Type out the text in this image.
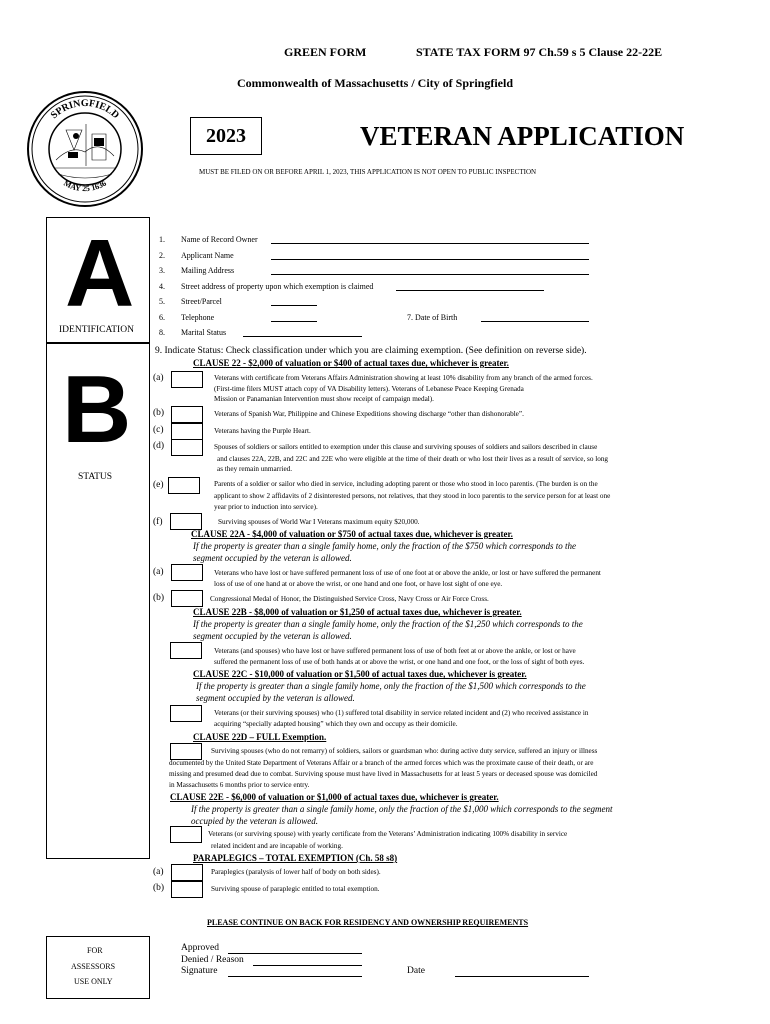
GREEN FORM	STATE TAX FORM 97 Ch.59 s 5 Clause 22-22E
Commonwealth of Massachusetts / City of Springfield
SPRINGFIELD
MAY 25 1636
2023	VETERAN APPLICATION
MUST BE FILED ON OR BEFORE APRIL 1, 2023, THIS APPLICATION IS NOT OPEN TO PUBLIC INSPECTION
A
IDENTIFICATION
1. Name of Record Owner
2. Applicant Name
3. Mailing Address
4. Street address of property upon which exemption is claimed
5. Street/Parcel
6. Telephone	7. Date of Birth
8. Marital Status
B
STATUS
9. Indicate Status: Check classification under which you are claiming exemption. (See definition on reverse side).
CLAUSE 22 - $2,000 of valuation or $400 of actual taxes due, whichever is greater.
(a)	Veterans with certificate from Veterans Affairs Administration showing at least 10% disability from any branch of the armed forces.
(First-time filers MUST attach copy of VA Disability letters). Veterans of Lebanese Peace Keeping Grenada
Mission or Panamanian Intervention must show receipt of campaign medal).
(b)	Veterans of Spanish War, Philippine and Chinese Expeditions showing discharge “other than dishonorable”.
(c)	Veterans having the Purple Heart.
(d)	Spouses of soldiers or sailors entitled to exemption under this clause and surviving spouses of soldiers and sailors described in clause
and clauses 22A, 22B, and 22C and 22E who were eligible at the time of their death or who lost their lives as a result of service, so long
as they remain unmarried.
(e)	Parents of a soldier or sailor who died in service, including adopting parent or those who stood in loco parentis. (The burden is on the
applicant to show 2 affidavits of 2 disinterested persons, not relatives, that they stood in loco parentis to the service person for at least one
year prior to induction into service).
(f)	Surviving spouses of World War I Veterans maximum equity $20,000.
CLAUSE 22A - $4,000 of valuation or $750 of actual taxes due, whichever is greater.
If the property is greater than a single family home, only the fraction of the $750 which corresponds to the
segment occupied by the veteran is allowed.
(a)	Veterans who have lost or have suffered permanent loss of use of one foot at or above the ankle, or lost or have suffered the permanent
loss of use of one hand at or above the wrist, or one hand and one foot, or have lost sight of one eye.
(b)	Congressional Medal of Honor, the Distinguished Service Cross, Navy Cross or Air Force Cross.
CLAUSE 22B - $8,000 of valuation or $1,250 of actual taxes due, whichever is greater.
If the property is greater than a single family home, only the fraction of the $1,250 which corresponds to the
segment occupied by the veteran is allowed.
Veterans (and spouses) who have lost or have suffered permanent loss of use of both feet at or above the ankle, or lost or have
suffered the permanent loss of use of both hands at or above the wrist, or one hand and one foot, or the loss of sight of both eyes.
CLAUSE 22C - $10,000 of valuation or $1,500 of actual taxes due, whichever is greater.
If the property is greater than a single family home, only the fraction of the $1,500 which corresponds to the
segment occupied by the veteran is allowed.
Veterans (or their surviving spouses) who (1) suffered total disability in service related incident and (2) who received assistance in
acquiring “specially adapted housing” which they own and occupy as their domicile.
CLAUSE 22D – FULL Exemption.
Surviving spouses (who do not remarry) of soldiers, sailors or guardsman who: during active duty service, suffered an injury or illness
documented by the United State Department of Veterans Affair or a branch of the armed forces which was the proximate cause of their death, or are
missing and presumed dead due to combat. Surviving spouse must have lived in Massachusetts for at least 5 years or deceased spouse was domiciled
in Massachusetts 6 months prior to service entry.
CLAUSE 22E - $6,000 of valuation or $1,000 of actual taxes due, whichever is greater.
If the property is greater than a single family home, only the fraction of the $1,000 which corresponds to the segment
occupied by the veteran is allowed.
Veterans (or surviving spouse) with yearly certificate from the Veterans’ Administration indicating 100% disability in service
related incident and are incapable of working.
PARAPLEGICS – TOTAL EXEMPTION (Ch. 58 s8)
(a)	Paraplegics (paralysis of lower half of body on both sides).
(b)	Surviving spouse of paraplegic entitled to total exemption.
PLEASE CONTINUE ON BACK FOR RESIDENCY AND OWNERSHIP REQUIREMENTS
FOR
ASSESSORS
USE ONLY
Approved
Denied / Reason
Signature	Date
